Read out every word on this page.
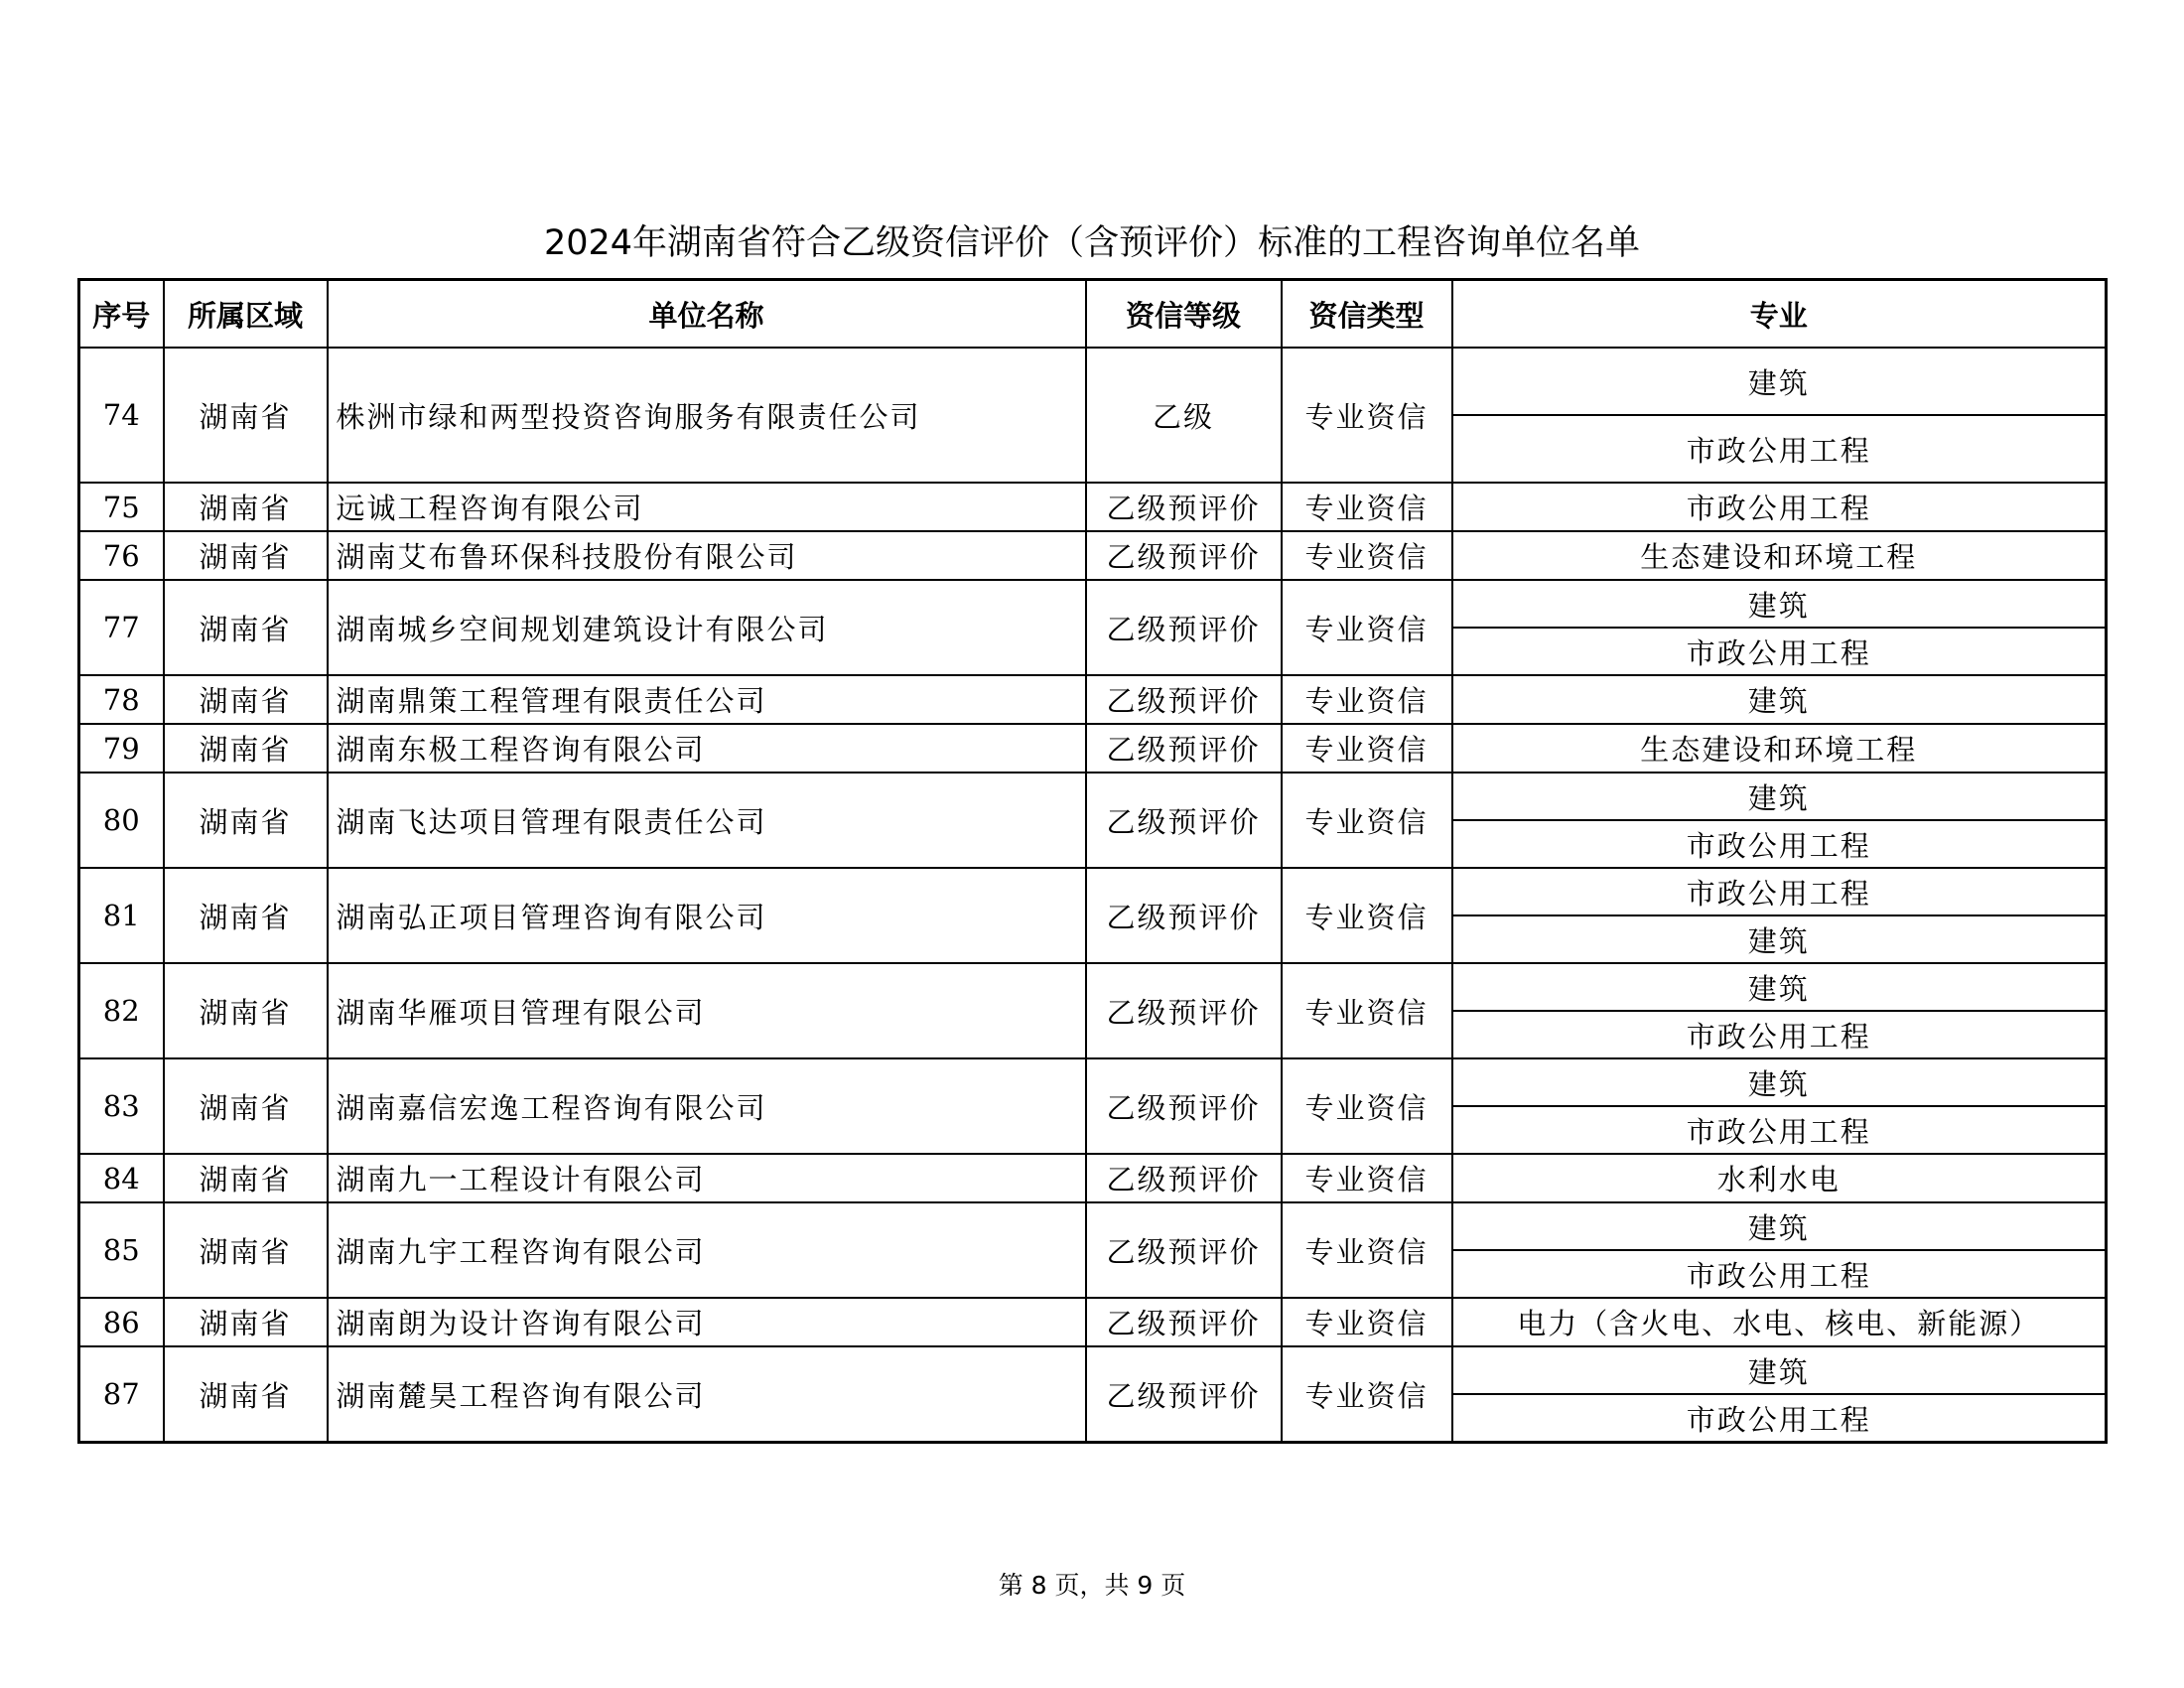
2024年湖南省符合乙级资信评价（含预评价）标准的工程咨询单位名单
序号	所属区域	单位名称	资信等级	资信类型	专业
74	湖南省	株洲市绿和两型投资咨询服务有限责任公司	乙级	专业资信	建筑
					市政公用工程
75	湖南省	远诚工程咨询有限公司	乙级预评价	专业资信	市政公用工程
76	湖南省	湖南艾布鲁环保科技股份有限公司	乙级预评价	专业资信	生态建设和环境工程
77	湖南省	湖南城乡空间规划建筑设计有限公司	乙级预评价	专业资信	建筑
					市政公用工程
78	湖南省	湖南鼎策工程管理有限责任公司	乙级预评价	专业资信	建筑
79	湖南省	湖南东极工程咨询有限公司	乙级预评价	专业资信	生态建设和环境工程
80	湖南省	湖南飞达项目管理有限责任公司	乙级预评价	专业资信	建筑
					市政公用工程
81	湖南省	湖南弘正项目管理咨询有限公司	乙级预评价	专业资信	市政公用工程
					建筑
82	湖南省	湖南华雁项目管理有限公司	乙级预评价	专业资信	建筑
					市政公用工程
83	湖南省	湖南嘉信宏逸工程咨询有限公司	乙级预评价	专业资信	建筑
					市政公用工程
84	湖南省	湖南九一工程设计有限公司	乙级预评价	专业资信	水利水电
85	湖南省	湖南九宇工程咨询有限公司	乙级预评价	专业资信	建筑
					市政公用工程
86	湖南省	湖南朗为设计咨询有限公司	乙级预评价	专业资信	电力（含火电、水电、核电、新能源）
87	湖南省	湖南麓昊工程咨询有限公司	乙级预评价	专业资信	建筑
					市政公用工程
第 8 页，共 9 页
